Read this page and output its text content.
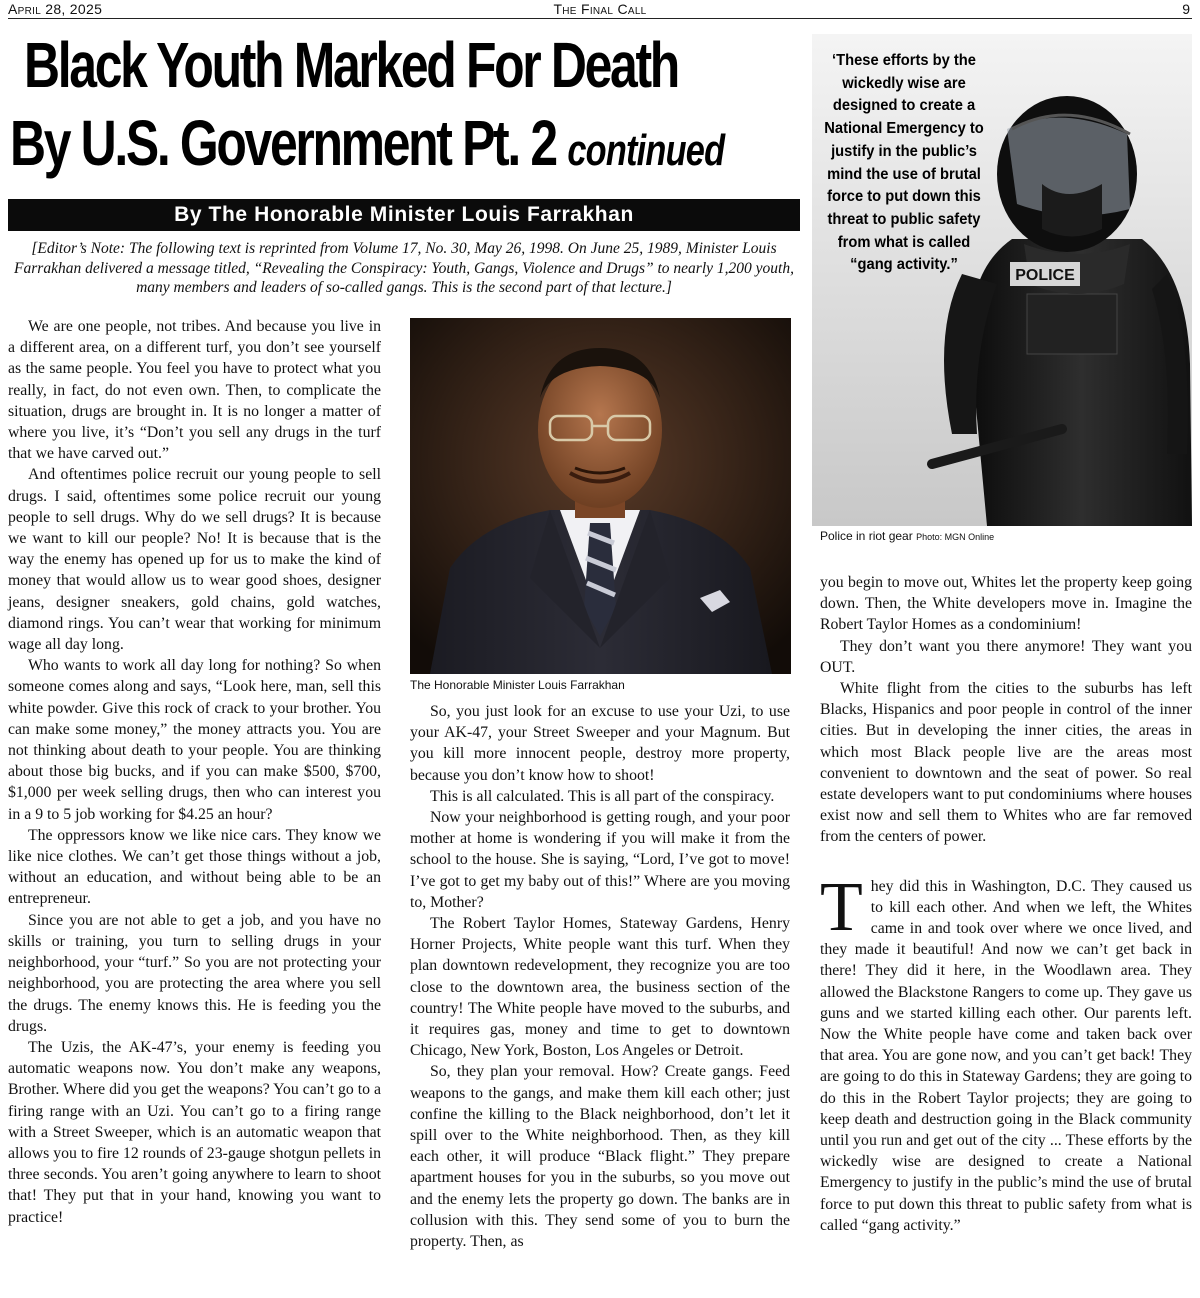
April 28, 2025	The Final Call	9
Black Youth Marked For Death
By U.S. Government Pt. 2 continued
By The Honorable Minister Louis Farrakhan
[Editor’s Note: The following text is reprinted from Volume 17, No. 30, May 26, 1998. On June 25, 1989, Minister Louis Farrakhan delivered a message titled, “Revealing the Conspiracy: Youth, Gangs, Violence and Drugs” to nearly 1,200 youth, many members and leaders of so-called gangs. This is the second part of that lecture.]

We are one people, not tribes. And because you live in a different area, on a different turf, you don’t see yourself as the same people. You feel you have to protect what you really, in fact, do not even own. Then, to complicate the situation, drugs are brought in. It is no longer a matter of where you live, it’s “Don’t you sell any drugs in the turf that we have carved out.”

And oftentimes police recruit our young people to sell drugs. I said, oftentimes some police recruit our young people to sell drugs. Why do we sell drugs? It is because we want to kill our people? No! It is because that is the way the enemy has opened up for us to make the kind of money that would allow us to wear good shoes, designer jeans, designer sneakers, gold chains, gold watches, diamond rings. You can’t wear that working for minimum wage all day long.

Who wants to work all day long for nothing? So when someone comes along and says, “Look here, man, sell this white powder. Give this rock of crack to your brother. You can make some money,” the money attracts you. You are not thinking about death to your people. You are thinking about those big bucks, and if you can make $500, $700, $1,000 per week selling drugs, then who can interest you in a 9 to 5 job working for $4.25 an hour?

The oppressors know we like nice cars. They know we like nice clothes. We can’t get those things without a job, without an education, and without being able to be an entrepreneur.

Since you are not able to get a job, and you have no skills or training, you turn to selling drugs in your neighborhood, your “turf.” So you are not protecting your neighborhood, you are protecting the area where you sell the drugs. The enemy knows this. He is feeding you the drugs.

The Uzis, the AK-47’s, your enemy is feeding you automatic weapons now. You don’t make any weapons, Brother. Where did you get the weapons? You can’t go to a firing range with an Uzi. You can’t go to a firing range with a Street Sweeper, which is an automatic weapon that allows you to fire 12 rounds of 23-gauge shotgun pellets in three seconds. You aren’t going anywhere to learn to shoot that! They put that in your hand, knowing you want to practice!

The Honorable Minister Louis Farrakhan
POLICE
‘These efforts by the wickedly wise are designed to create a National Emergency to justify in the public’s mind the use of brutal force to put down this threat to public safety from what is called “gang activity.”
Police in riot gear Photo: MGN Online

So, you just look for an excuse to use your Uzi, to use your AK-47, your Street Sweeper and your Magnum. But you kill more innocent people, destroy more property, because you don’t know how to shoot!

This is all calculated. This is all part of the conspiracy.

Now your neighborhood is getting rough, and your poor mother at home is wondering if you will make it from the school to the house. She is saying, “Lord, I’ve got to move! I’ve got to get my baby out of this!” Where are you moving to, Mother?

The Robert Taylor Homes, Stateway Gardens, Henry Horner Projects, White people want this turf. When they plan downtown redevelopment, they recognize you are too close to the downtown area, the business section of the country! The White people have moved to the suburbs, and it requires gas, money and time to get to downtown Chicago, New York, Boston, Los Angeles or Detroit.

So, they plan your removal. How? Create gangs. Feed weapons to the gangs, and make them kill each other; just confine the killing to the Black neighborhood, don’t let it spill over to the White neighborhood. Then, as they kill each other, it will produce “Black flight.” They prepare apartment houses for you in the suburbs, so you move out and the enemy lets the property go down. The banks are in collusion with this. They send some of you to burn the property. Then, as

you begin to move out, Whites let the property keep going down. Then, the White developers move in. Imagine the Robert Taylor Homes as a condominium!

They don’t want you there anymore! They want you OUT.

White flight from the cities to the suburbs has left Blacks, Hispanics and poor people in control of the inner cities. But in developing the inner cities, the areas in which most Black people live are the areas most convenient to downtown and the seat of power. So real estate developers want to put condominiums where houses exist now and sell them to Whites who are far removed from the centers of power.

They did this in Washington, D.C. They caused us to kill each other. And when we left, the Whites came in and took over where we once lived, and they made it beautiful! And now we can’t get back in there! They did it here, in the Woodlawn area. They allowed the Blackstone Rangers to come up. They gave us guns and we started killing each other. Our parents left. Now the White people have come and taken back over that area. You are gone now, and you can’t get back! They are going to do this in Stateway Gardens; they are going to do this in the Robert Taylor projects; they are going to keep death and destruction going in the Black community until you run and get out of the city ... These efforts by the wickedly wise are designed to create a National Emergency to justify in the public’s mind the use of brutal force to put down this threat to public safety from what is called “gang activity.”
